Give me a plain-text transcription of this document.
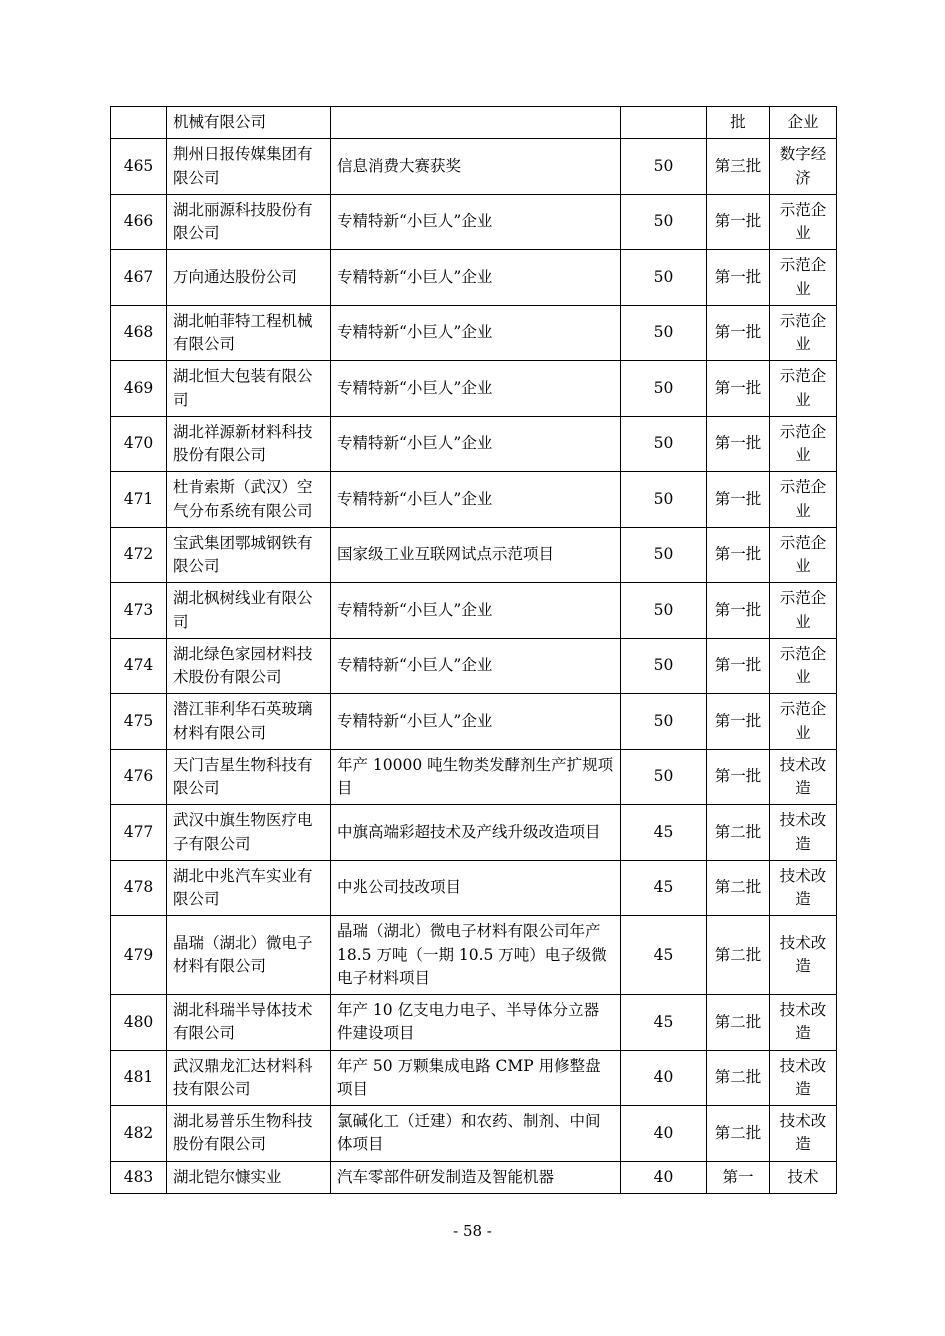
	机械有限公司			批	企业
465	荆州日报传媒集团有限公司	信息消费大赛获奖	50	第三批	数字经济
466	湖北丽源科技股份有限公司	专精特新“小巨人”企业	50	第一批	示范企业
467	万向通达股份公司	专精特新“小巨人”企业	50	第一批	示范企业
468	湖北帕菲特工程机械有限公司	专精特新“小巨人”企业	50	第一批	示范企业
469	湖北恒大包装有限公司	专精特新“小巨人”企业	50	第一批	示范企业
470	湖北祥源新材料科技股份有限公司	专精特新“小巨人”企业	50	第一批	示范企业
471	杜肯索斯（武汉）空气分布系统有限公司	专精特新“小巨人”企业	50	第一批	示范企业
472	宝武集团鄂城钢铁有限公司	国家级工业互联网试点示范项目	50	第一批	示范企业
473	湖北枫树线业有限公司	专精特新“小巨人”企业	50	第一批	示范企业
474	湖北绿色家园材料技术股份有限公司	专精特新“小巨人”企业	50	第一批	示范企业
475	潜江菲利华石英玻璃材料有限公司	专精特新“小巨人”企业	50	第一批	示范企业
476	天门吉星生物科技有限公司	年产 10000 吨生物类发酵剂生产扩规项目	50	第一批	技术改造
477	武汉中旗生物医疗电子有限公司	中旗高端彩超技术及产线升级改造项目	45	第二批	技术改造
478	湖北中兆汽车实业有限公司	中兆公司技改项目	45	第二批	技术改造
479	晶瑞（湖北）微电子材料有限公司	晶瑞（湖北）微电子材料有限公司年产 18.5 万吨（一期 10.5 万吨）电子级微电子材料项目	45	第二批	技术改造
480	湖北科瑞半导体技术有限公司	年产 10 亿支电力电子、半导体分立器件建设项目	45	第二批	技术改造
481	武汉鼎龙汇达材料科技有限公司	年产 50 万颗集成电路 CMP 用修整盘项目	40	第二批	技术改造
482	湖北易普乐生物科技股份有限公司	氯碱化工（迁建）和农药、制剂、中间体项目	40	第二批	技术改造
483	湖北铠尔慷实业	汽车零部件研发制造及智能机器	40	第一	技术
- 58 -
